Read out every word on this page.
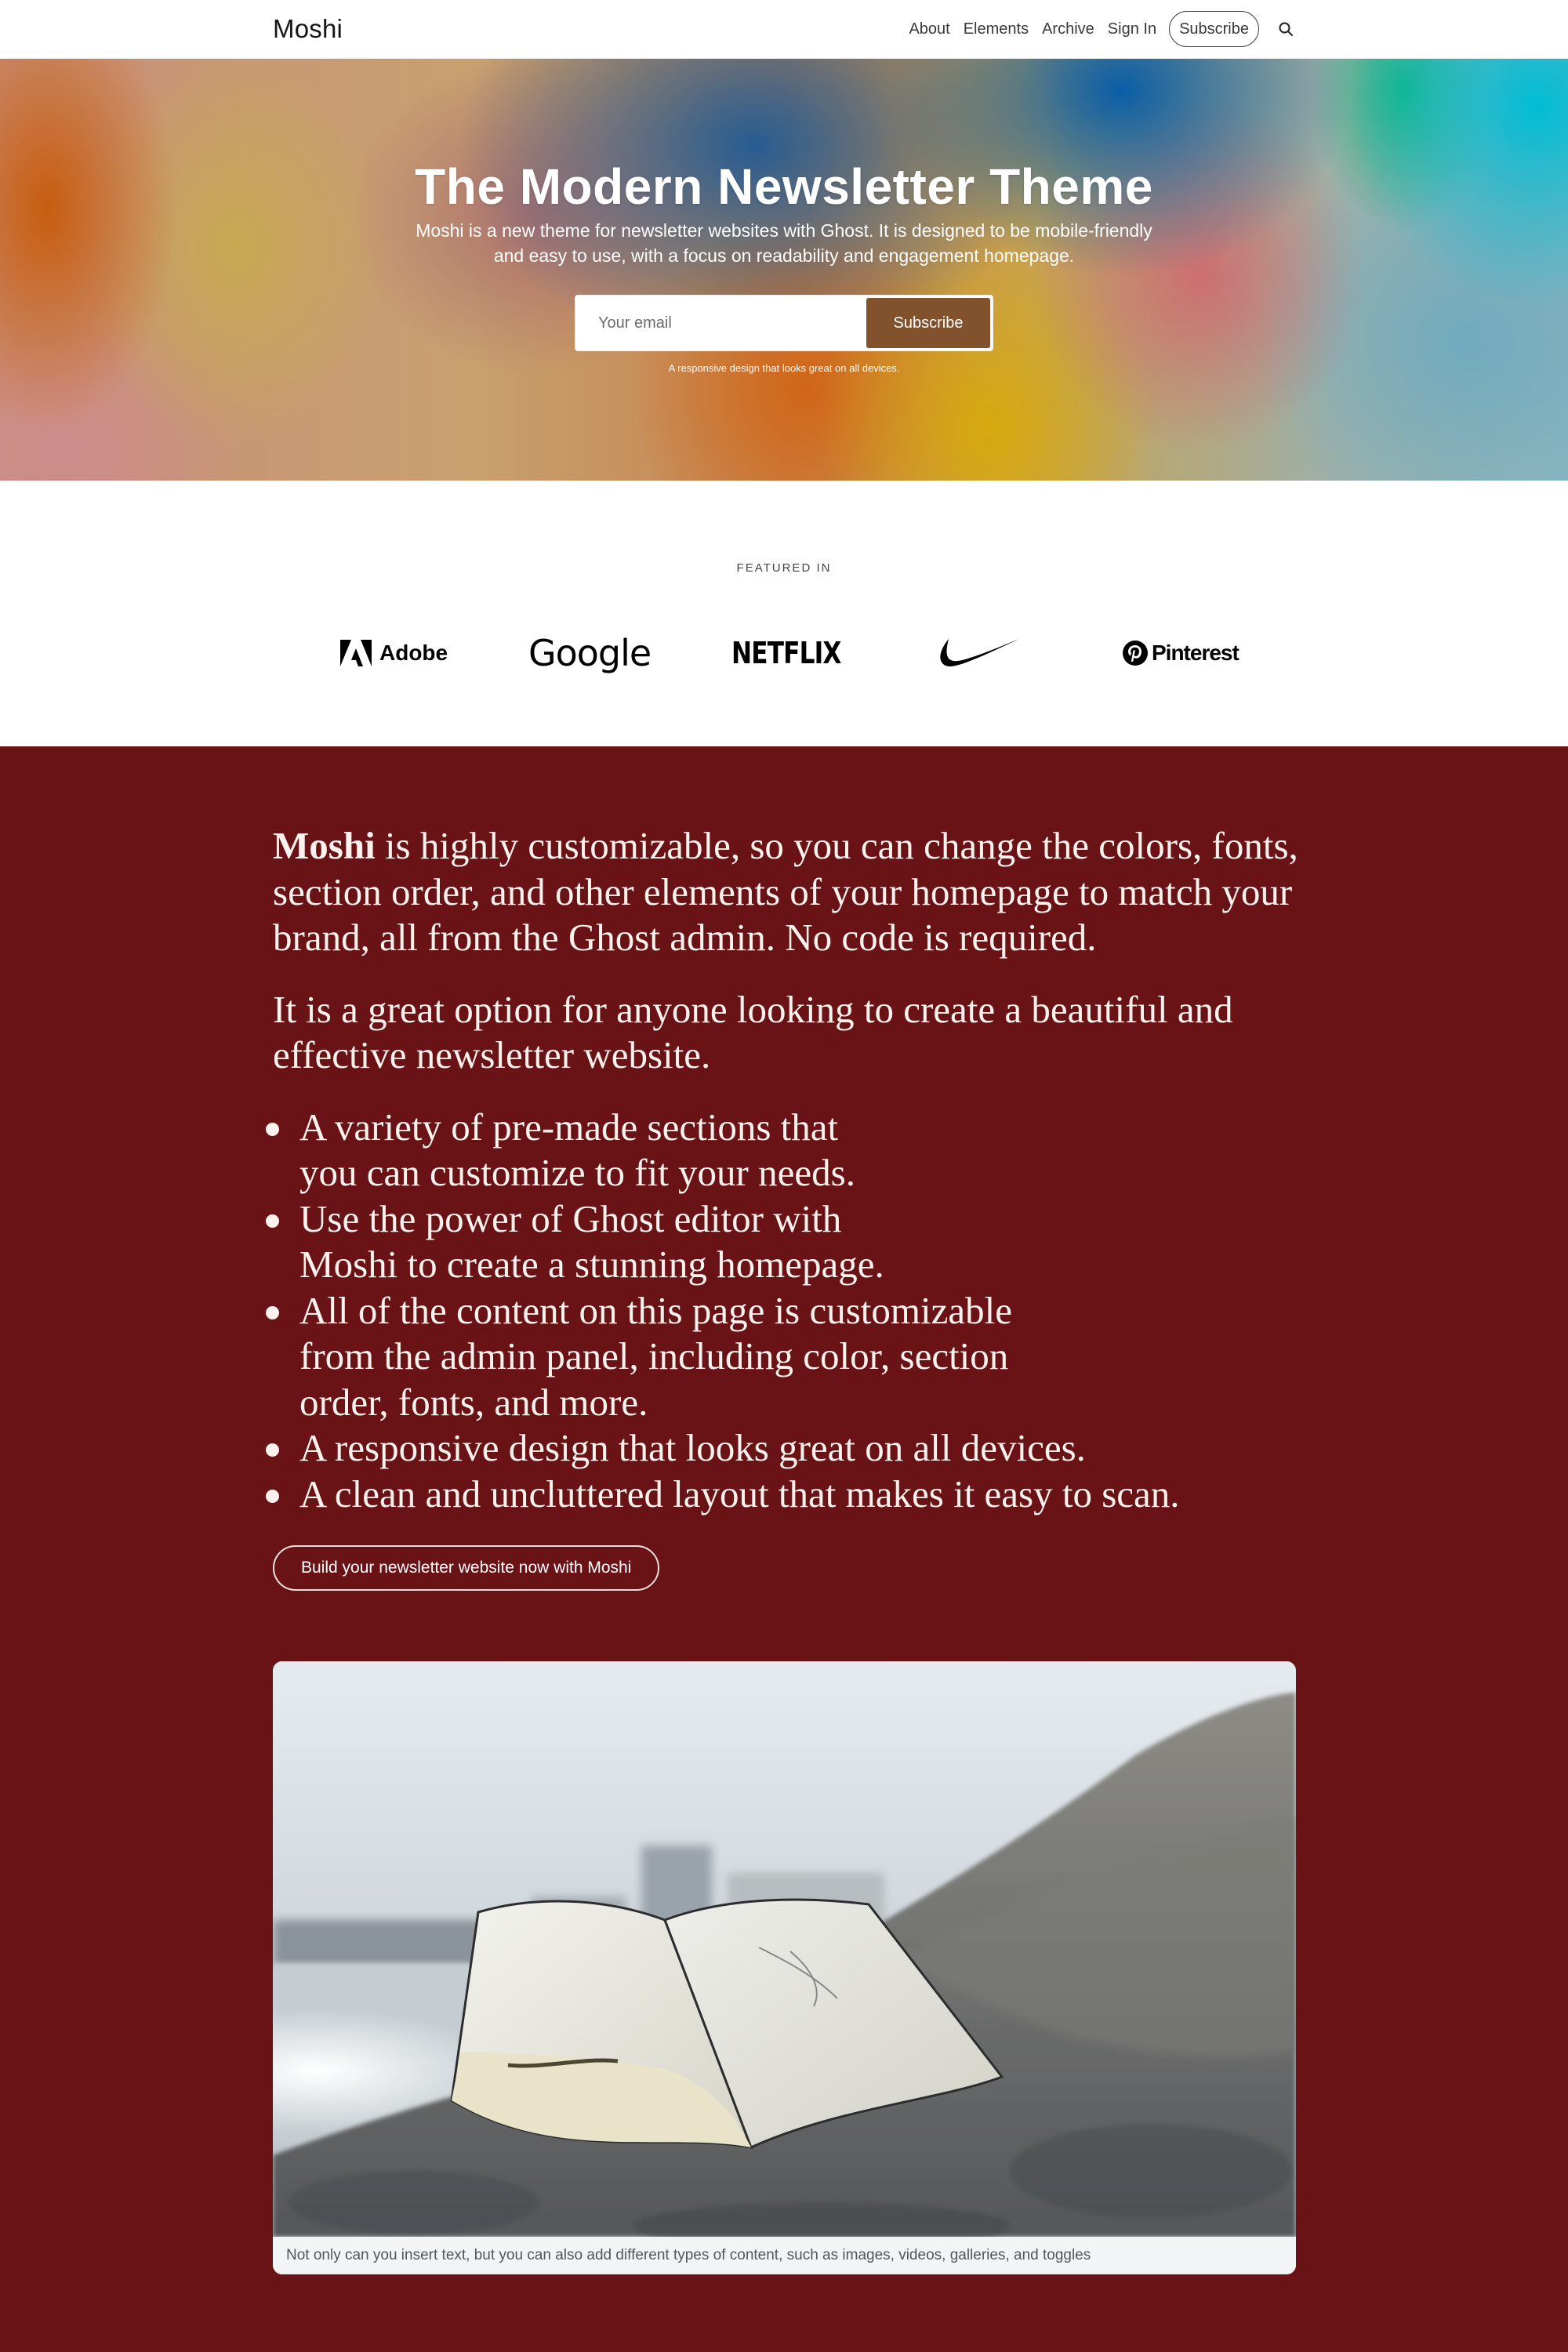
Moshi	About Elements Archive Sign In	Subscribe
The Modern Newsletter Theme

Moshi is a new theme for newsletter websites with Ghost. It is designed to be mobile-friendly and easy to use, with a focus on readability and engagement homepage.

Your email
Subscribe

A responsive design that looks great on all devices.

FEATURED IN
Adobe Google	NETFLIX	Pinterest

Moshi is highly customizable, so you can change the colors, fonts, section order, and other elements of your homepage to match your brand, all from the Ghost admin. No code is required.

It is a great option for anyone looking to create a beautiful and effective newsletter website.

A variety of pre-made sections that you can customize to fit your needs.
Use the power of Ghost editor with Moshi to create a stunning homepage.
All of the content on this page is customizable from the admin panel, including color, section order, fonts, and more.
A responsive design that looks great on all devices.
A clean and uncluttered layout that makes it easy to scan.
Build your newsletter website now with Moshi
Not only can you insert text, but you can also add different types of content, such as images, videos, galleries, and toggles
